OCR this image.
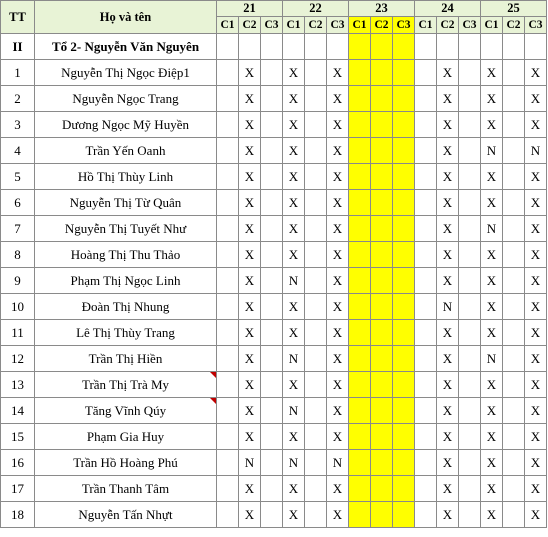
TT	Họ và tên	21			22			23			24			25		
		C1	C2	C3	C1	C2	C3	C1	C2	C3	C1	C2	C3	C1	C2	C3
II	Tổ 2- Nguyễn Văn Nguyên															
1	Nguyễn Thị Ngọc Điệp1		X		X		X					X		X		X
2	Nguyễn Ngọc Trang		X		X		X					X		X		X
3	Dương Ngọc Mỹ Huyền		X		X		X					X		X		X
4	Trần Yến Oanh		X		X		X					X		N		N
5	Hồ Thị Thùy Linh		X		X		X					X		X		X
6	Nguyễn Thị Từ Quân		X		X		X					X		X		X
7	Nguyễn Thị Tuyết Như		X		X		X					X		N		X
8	Hoàng Thị Thu Thảo		X		X		X					X		X		X
9	Phạm Thị Ngọc Linh		X		N		X					X		X		X
10	Đoàn Thị Nhung		X		X		X					N		X		X
11	Lê Thị Thùy Trang		X		X		X					X		X		X
12	Trần Thị Hiền		X		N		X					X		N		X
13	Trần Thị Trà My		X		X		X					X		X		X
14	Tăng Vĩnh Qúy		X		N		X					X		X		X
15	Phạm Gia Huy		X		X		X					X		X		X
16	Trần Hồ Hoàng Phú		N		N		N					X		X		X
17	Trần Thanh Tâm		X		X		X					X		X		X
18	Nguyễn Tấn Nhựt		X		X		X					X		X		X
